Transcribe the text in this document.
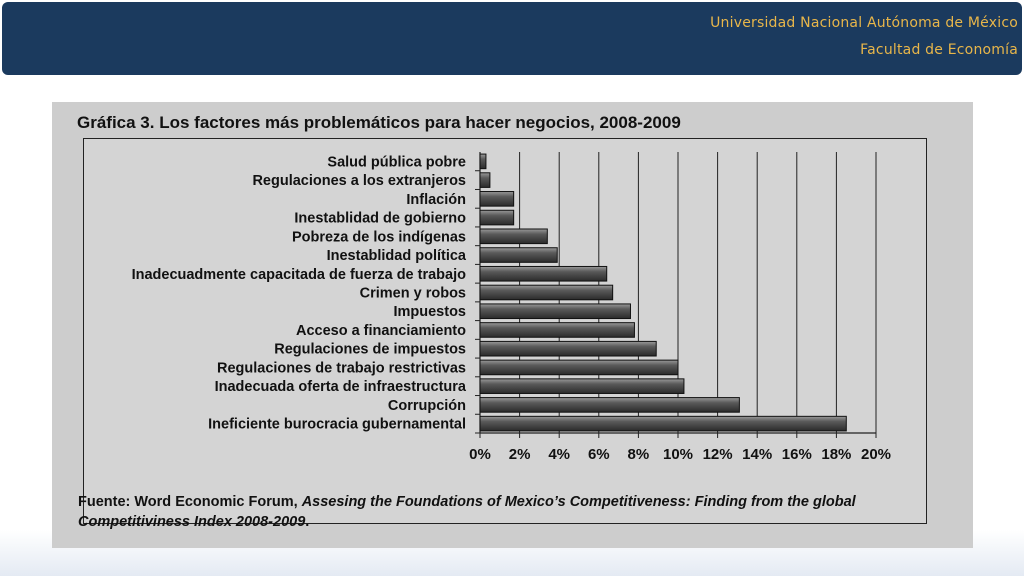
Universidad Nacional Autónoma de México
Facultad de Economía
Gráfica 3. Los factores más problemáticos para hacer negocios, 2008-2009
0% 2% 4% 6% 8% 10% 12% 14% 16% 18% 20%
Salud pública pobre
Regulaciones a los extranjeros
Inflación
Inestablidad de gobierno
Pobreza de los indígenas
Inestablidad política
Inadecuadmente capacitada de fuerza de trabajo
Crimen y robos
Impuestos
Acceso a financiamiento
Regulaciones de impuestos
Regulaciones de trabajo restrictivas
Inadecuada oferta de infraestructura
Corrupción
Ineficiente burocracia gubernamental
Fuente: Word Economic Forum, Assesing the Foundations of Mexico’s Competitiveness: Finding from the global Competitiviness Index 2008-2009.
